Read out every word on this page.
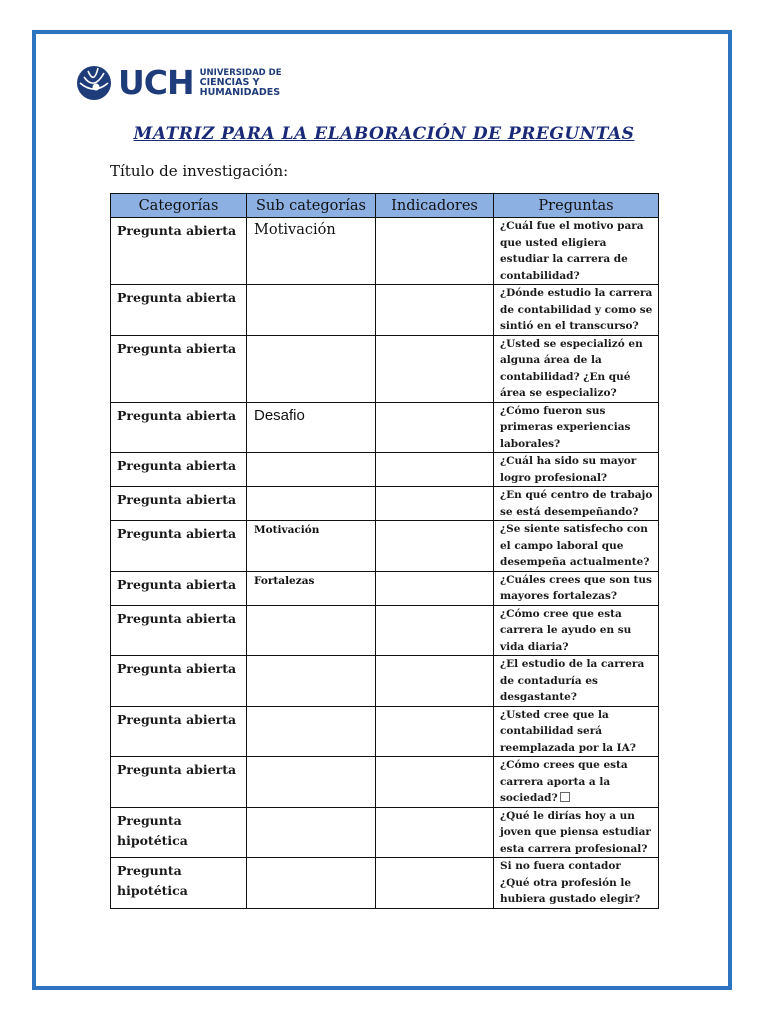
UCH UNIVERSIDAD DE
CIENCIAS Y
HUMANIDADES
MATRIZ PARA LA ELABORACIÓN DE PREGUNTAS
Título de investigación:
Categorías	Sub categorías	Indicadores	Preguntas
Pregunta abierta	Motivación		¿Cuál fue el motivo para que usted eligiera estudiar la carrera de contabilidad?
Pregunta abierta			¿Dónde estudio la carrera de contabilidad y como se sintió en el transcurso?
Pregunta abierta			¿Usted se especializó en alguna área de la contabilidad? ¿En qué área se especializo?
Pregunta abierta	Desafio		¿Cómo fueron sus primeras experiencias laborales?
Pregunta abierta			¿Cuál ha sido su mayor logro profesional?
Pregunta abierta			¿En qué centro de trabajo se está desempeñando?
Pregunta abierta	Motivación		¿Se siente satisfecho con el campo laboral que desempeña actualmente?
Pregunta abierta	Fortalezas		¿Cuáles crees que son tus mayores fortalezas?
Pregunta abierta			¿Cómo cree que esta carrera le ayudo en su vida diaria?
Pregunta abierta			¿El estudio de la carrera de contaduría es desgastante?
Pregunta abierta			¿Usted cree que la contabilidad será reemplazada por la IA?
Pregunta abierta			¿Cómo crees que esta carrera aporta a la sociedad?
Pregunta hipotética			¿Qué le dirías hoy a un joven que piensa estudiar esta carrera profesional?
Pregunta hipotética			Si no fuera contador ¿Qué otra profesión le hubiera gustado elegir?
